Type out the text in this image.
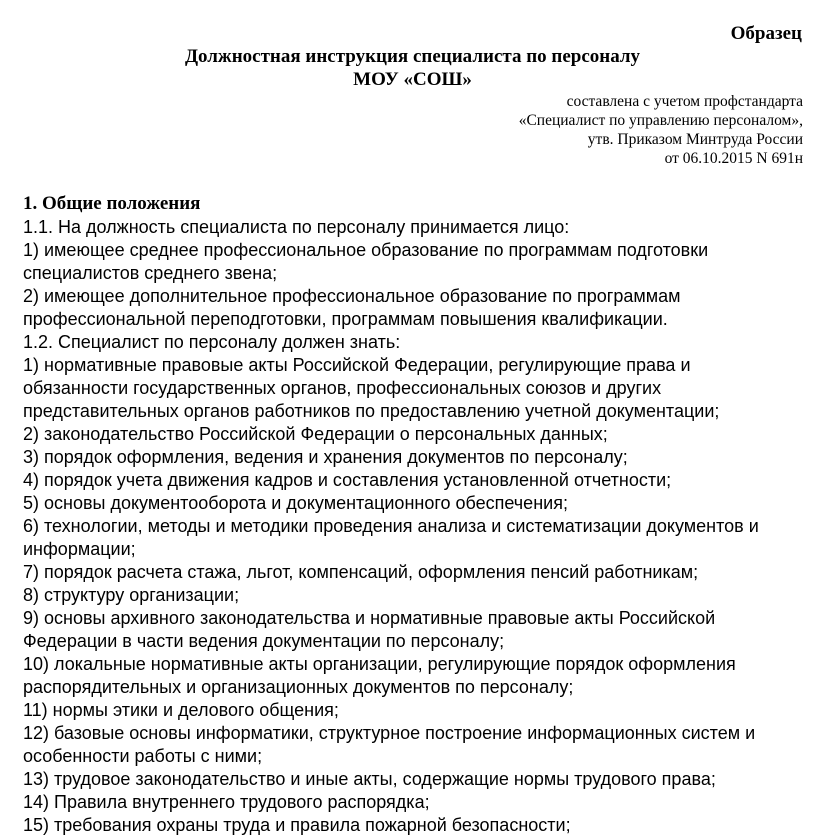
Образец
Должностная инструкция специалиста по персоналу
МОУ «СОШ»
составлена с учетом профстандарта
«Специалист по управлению персоналом»,
утв. Приказом Минтруда России
от 06.10.2015 N 691н
1. Общие положения
1.1. На должность специалиста по персоналу принимается лицо:
1) имеющее среднее профессиональное образование по программам подготовки
специалистов среднего звена;
2) имеющее дополнительное профессиональное образование по программам
профессиональной переподготовки, программам повышения квалификации.
1.2. Специалист по персоналу должен знать:
1) нормативные правовые акты Российской Федерации, регулирующие права и
обязанности государственных органов, профессиональных союзов и других
представительных органов работников по предоставлению учетной документации;
2) законодательство Российской Федерации о персональных данных;
3) порядок оформления, ведения и хранения документов по персоналу;
4) порядок учета движения кадров и составления установленной отчетности;
5) основы документооборота и документационного обеспечения;
6) технологии, методы и методики проведения анализа и систематизации документов и
информации;
7) порядок расчета стажа, льгот, компенсаций, оформления пенсий работникам;
8) структуру организации;
9) основы архивного законодательства и нормативные правовые акты Российской
Федерации в части ведения документации по персоналу;
10) локальные нормативные акты организации, регулирующие порядок оформления
распорядительных и организационных документов по персоналу;
11) нормы этики и делового общения;
12) базовые основы информатики, структурное построение информационных систем и
особенности работы с ними;
13) трудовое законодательство и иные акты, содержащие нормы трудового права;
14) Правила внутреннего трудового распорядка;
15) требования охраны труда и правила пожарной безопасности;
